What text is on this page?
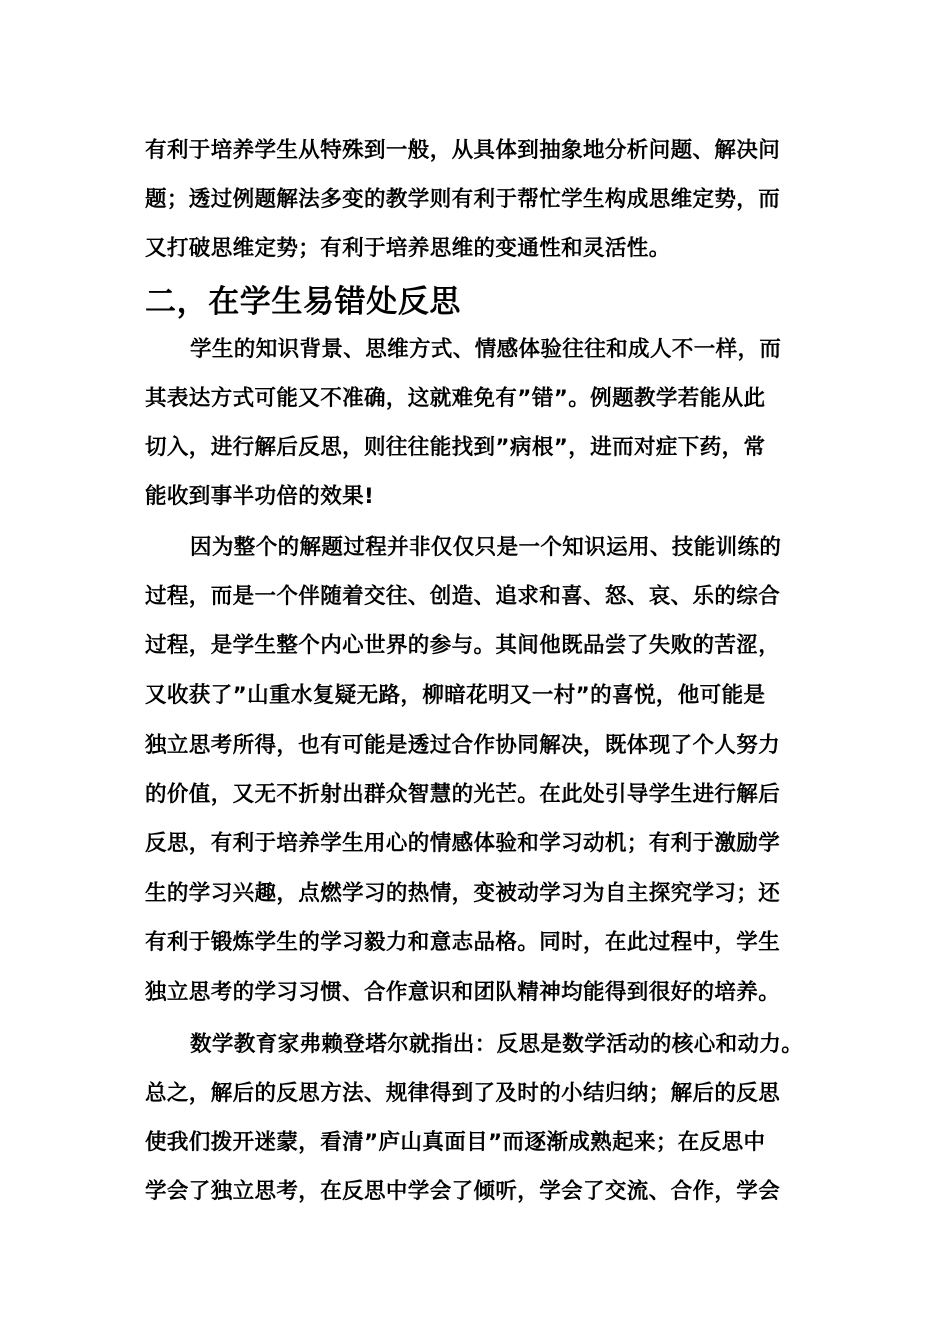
有利于培养学生从特殊到一般，从具体到抽象地分析问题、解决问
题；透过例题解法多变的教学则有利于帮忙学生构成思维定势，而
又打破思维定势；有利于培养思维的变通性和灵活性。
二，在学生易错处反思
学生的知识背景、思维方式、情感体验往往和成人不一样，而
其表达方式可能又不准确，这就难免有”错”。例题教学若能从此
切入，进行解后反思，则往往能找到”病根”，进而对症下药，常
能收到事半功倍的效果!
因为整个的解题过程并非仅仅只是一个知识运用、技能训练的
过程，而是一个伴随着交往、创造、追求和喜、怒、哀、乐的综合
过程，是学生整个内心世界的参与。其间他既品尝了失败的苦涩，
又收获了”山重水复疑无路，柳暗花明又一村”的喜悦，他可能是
独立思考所得，也有可能是透过合作协同解决，既体现了个人努力
的价值，又无不折射出群众智慧的光芒。在此处引导学生进行解后
反思，有利于培养学生用心的情感体验和学习动机；有利于激励学
生的学习兴趣，点燃学习的热情，变被动学习为自主探究学习；还
有利于锻炼学生的学习毅力和意志品格。同时，在此过程中，学生
独立思考的学习习惯、合作意识和团队精神均能得到很好的培养。
数学教育家弗赖登塔尔就指出：反思是数学活动的核心和动力。
总之，解后的反思方法、规律得到了及时的小结归纳；解后的反思
使我们拨开迷蒙，看清”庐山真面目”而逐渐成熟起来；在反思中
学会了独立思考，在反思中学会了倾听，学会了交流、合作，学会
